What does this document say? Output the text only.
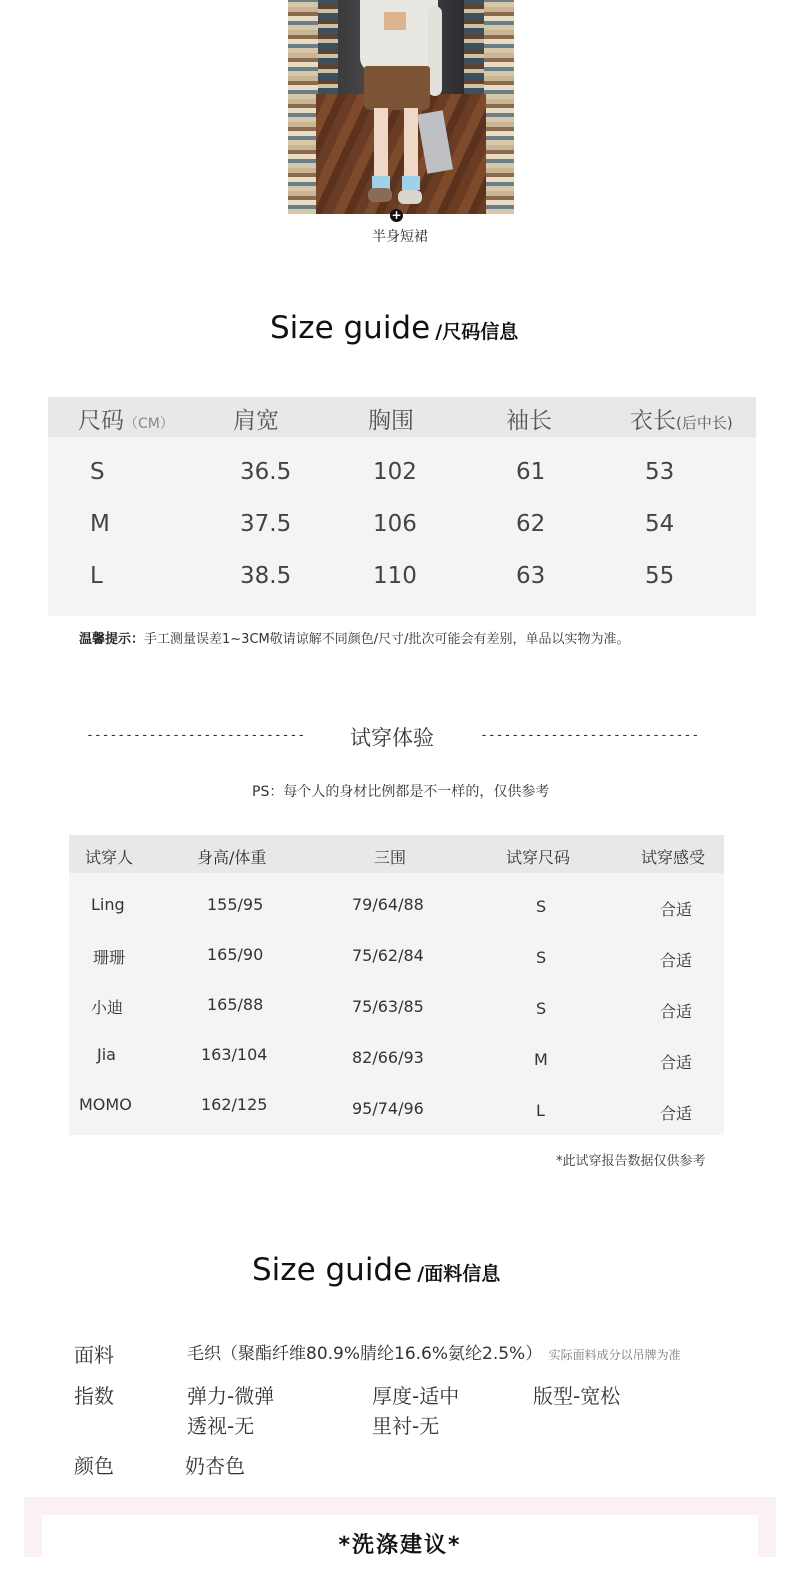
+
半身短裙
Size guide /尺码信息
尺码（CM）	肩宽	胸围	袖长	衣长(后中长)
S	36.5	102	61	53
M	37.5	106	62	54
L	38.5	110	63	55
温馨提示：手工测量误差1~3CM敬请谅解不同颜色/尺寸/批次可能会有差别，单品以实物为准。
---------------------------- 试穿体验	----------------------------
PS：每个人的身材比例都是不一样的，仅供参考
试穿人	身高/体重	三围	试穿尺码	试穿感受
Ling	155/95	79/64/88	S	合适
珊珊	165/90	75/62/84	S	合适
小迪	165/88	75/63/85	S	合适
Jia	163/104	82/66/93	M	合适
MOMO	162/125	95/74/96	L	合适
*此试穿报告数据仅供参考
Size guide /面料信息
面料	毛织（聚酯纤维80.9%腈纶16.6%氨纶2.5%） 实际面料成分以吊牌为准
指数	弹力-微弹	厚度-适中	版型-宽松
透视-无	里衬-无
颜色	奶杏色
*洗涤建议*
